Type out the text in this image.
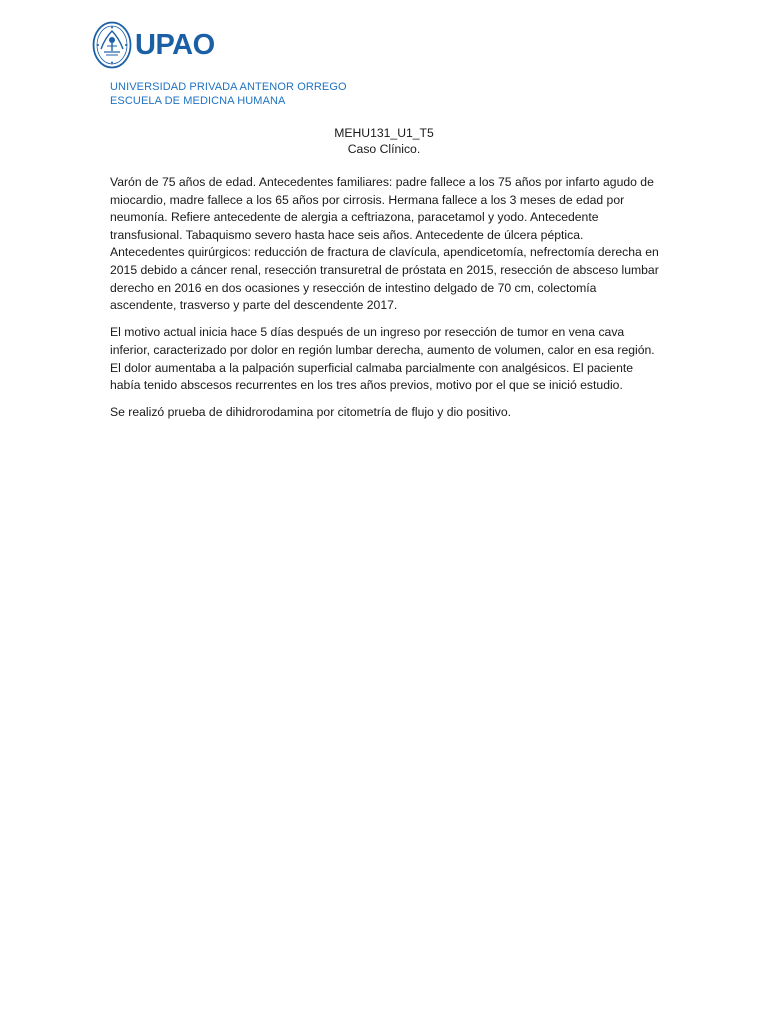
UPAO
UNIVERSIDAD PRIVADA ANTENOR ORREGO
ESCUELA DE MEDICNA HUMANA
MEHU131_U1_T5
Caso Clínico.

Varón de 75 años de edad. Antecedentes familiares: padre fallece a los 75 años por infarto agudo de miocardio, madre fallece a los 65 años por cirrosis. Hermana fallece a los 3 meses de edad por neumonía. Refiere antecedente de alergia a ceftriazona, paracetamol y yodo. Antecedente transfusional. Tabaquismo severo hasta hace seis años. Antecedente de úlcera péptica. Antecedentes quirúrgicos: reducción de fractura de clavícula, apendicetomía, nefrectomía derecha en 2015 debido a cáncer renal, resección transuretral de próstata en 2015, resección de absceso lumbar derecho en 2016 en dos ocasiones y resección de intestino delgado de 70 cm, colectomía ascendente, trasverso y parte del descendente 2017.

El motivo actual inicia hace 5 días después de un ingreso por resección de tumor en vena cava inferior, caracterizado por dolor en región lumbar derecha, aumento de volumen, calor en esa región. El dolor aumentaba a la palpación superficial calmaba parcialmente con analgésicos. El paciente había tenido abscesos recurrentes en los tres años previos, motivo por el que se inició estudio.

Se realizó prueba de dihidrorodamina por citometría de flujo y dio positivo.
